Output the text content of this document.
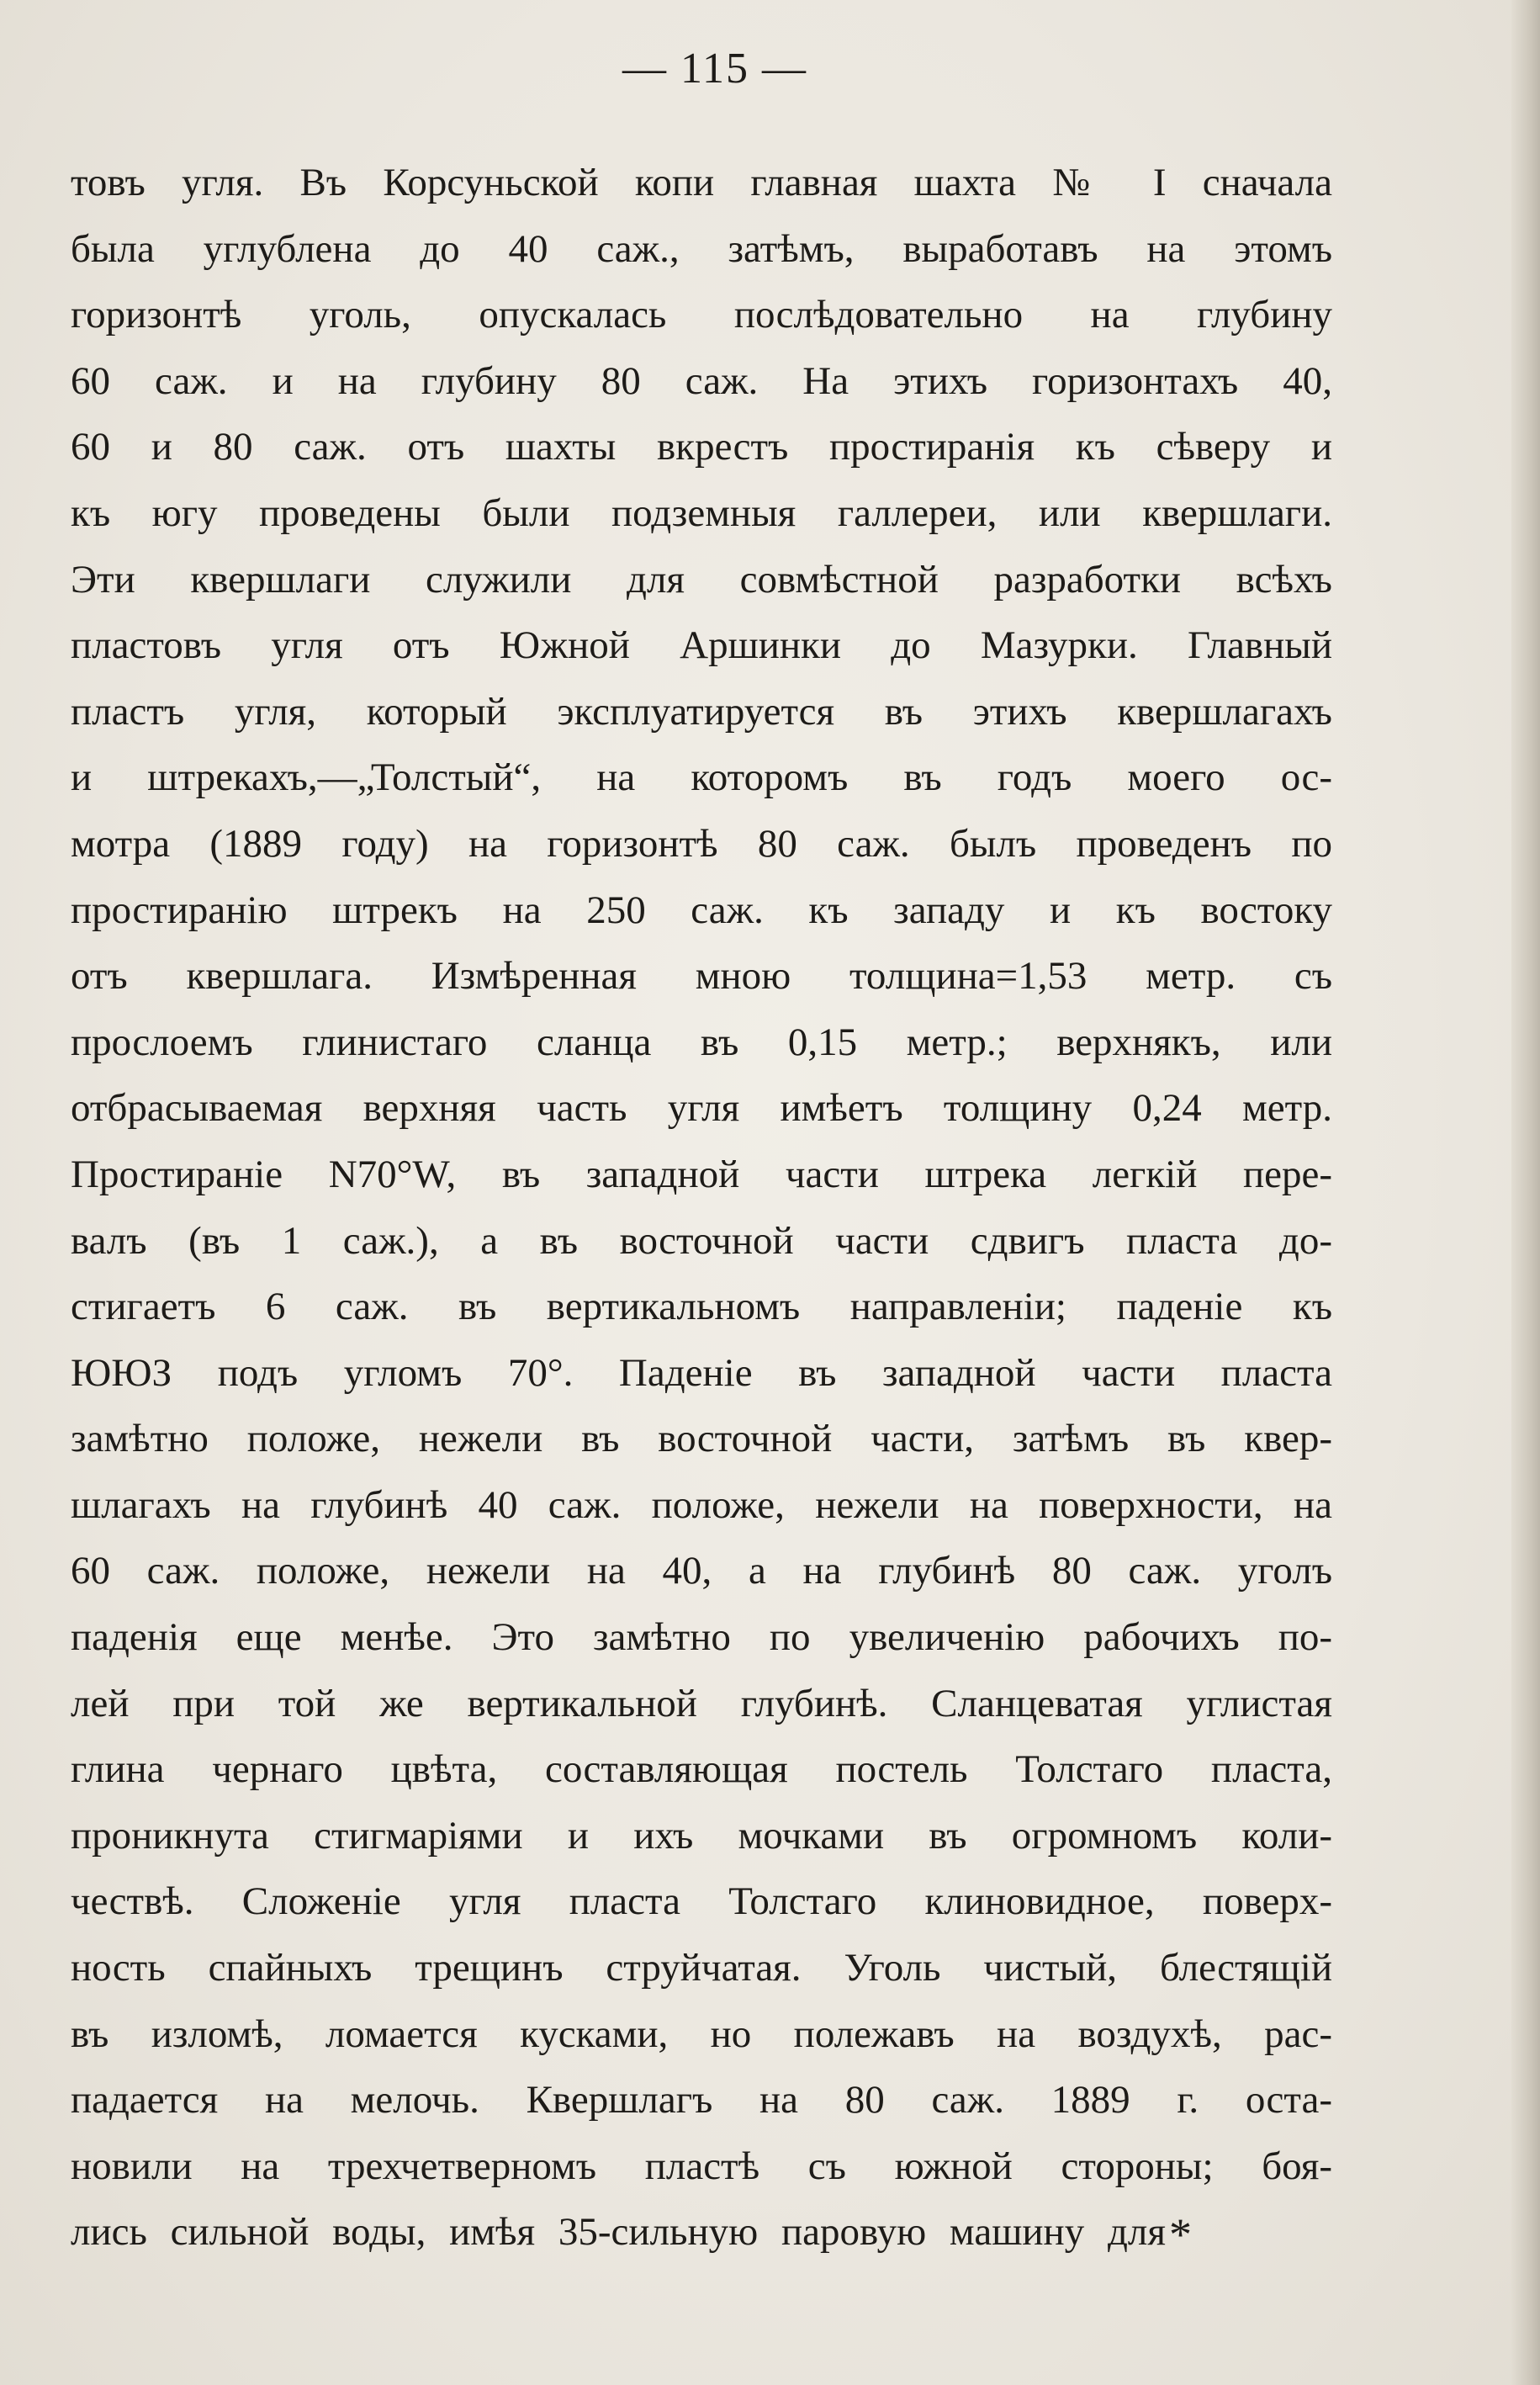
— 115 —
товъ угля. Въ Корсуньской копи главная шахта № I сначала
была углублена до 40 саж., затѣмъ, выработавъ на этомъ
горизонтѣ уголь, опускалась послѣдовательно на глубину
60 саж. и на глубину 80 саж. На этихъ горизонтахъ 40,
60 и 80 саж. отъ шахты вкрестъ простиранія къ сѣверу и
къ югу проведены были подземныя галлереи, или квершлаги.
Эти квершлаги служили для совмѣстной разработки всѣхъ
пластовъ угля отъ Южной Аршинки до Мазурки. Главный
пластъ угля, который эксплуатируется въ этихъ квершлагахъ
и штрекахъ,—„Толстый“, на которомъ въ годъ моего ос-
мотра (1889 году) на горизонтѣ 80 саж. былъ проведенъ по
простиранію штрекъ на 250 саж. къ западу и къ востоку
отъ квершлага. Измѣренная мною толщина=1,53 метр. съ
прослоемъ глинистаго сланца въ 0,15 метр.; верхнякъ, или
отбрасываемая верхняя часть угля имѣетъ толщину 0,24 метр.
Простираніе N70°W, въ западной части штрека легкій пере-
валъ (въ 1 саж.), а въ восточной части сдвигъ пласта до-
стигаетъ 6 саж. въ вертикальномъ направленіи; паденіе къ
ЮЮЗ подъ угломъ 70°. Паденіе въ западной части пласта
замѣтно положе, нежели въ восточной части, затѣмъ въ квер-
шлагахъ на глубинѣ 40 саж. положе, нежели на поверхности, на
60 саж. положе, нежели на 40, а на глубинѣ 80 саж. уголъ
паденія еще менѣе. Это замѣтно по увеличенію рабочихъ по-
лей при той же вертикальной глубинѣ. Сланцеватая углистая
глина чернаго цвѣта, составляющая постель Толстаго пласта,
проникнута стигмаріями и ихъ мочками въ огромномъ коли-
чествѣ. Сложеніе угля пласта Толстаго клиновидное, поверх-
ность спайныхъ трещинъ струйчатая. Уголь чистый, блестящій
въ изломѣ, ломается кусками, но полежавъ на воздухѣ, рас-
падается на мелочь. Квершлагъ на 80 саж. 1889 г. оста-
новили на трехчетверномъ пластѣ съ южной стороны; боя-
лись сильной воды, имѣя 35-сильную паровую машину для *
